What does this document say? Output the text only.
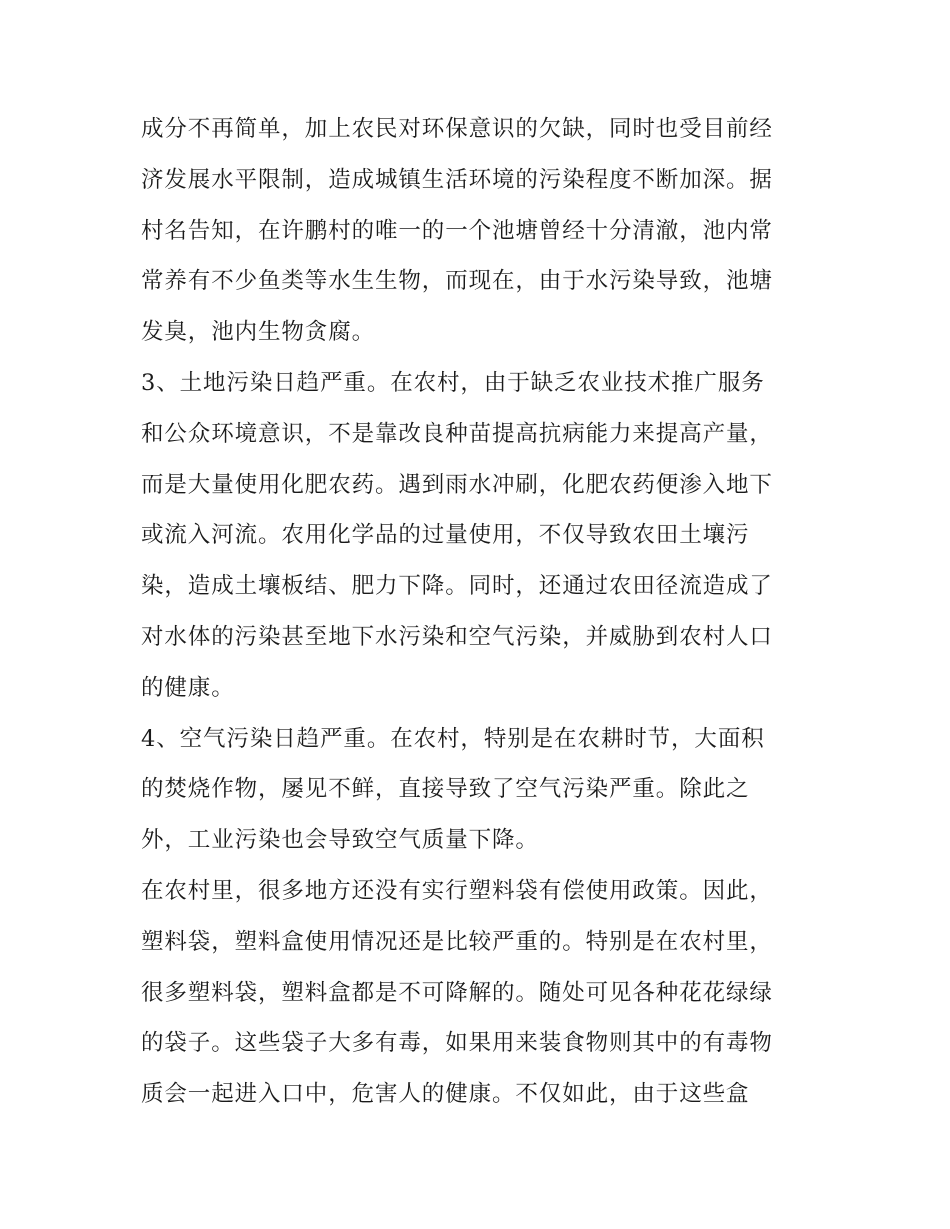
成分不再简单，加上农民对环保意识的欠缺，同时也受目前经
济发展水平限制，造成城镇生活环境的污染程度不断加深。据
村名告知，在许鹏村的唯一的一个池塘曾经十分清澈，池内常
常养有不少鱼类等水生生物，而现在，由于水污染导致，池塘
发臭，池内生物贪腐。
3、土地污染日趋严重。在农村，由于缺乏农业技术推广服务
和公众环境意识，不是靠改良种苗提高抗病能力来提高产量，
而是大量使用化肥农药。遇到雨水冲刷，化肥农药便渗入地下
或流入河流。农用化学品的过量使用，不仅导致农田土壤污
染，造成土壤板结、肥力下降。同时，还通过农田径流造成了
对水体的污染甚至地下水污染和空气污染，并威胁到农村人口
的健康。
4、空气污染日趋严重。在农村，特别是在农耕时节，大面积
的焚烧作物，屡见不鲜，直接导致了空气污染严重。除此之
外，工业污染也会导致空气质量下降。
在农村里，很多地方还没有实行塑料袋有偿使用政策。因此，
塑料袋，塑料盒使用情况还是比较严重的。特别是在农村里，
很多塑料袋，塑料盒都是不可降解的。随处可见各种花花绿绿
的袋子。这些袋子大多有毒，如果用来装食物则其中的有毒物
质会一起进入口中，危害人的健康。不仅如此，由于这些盒
